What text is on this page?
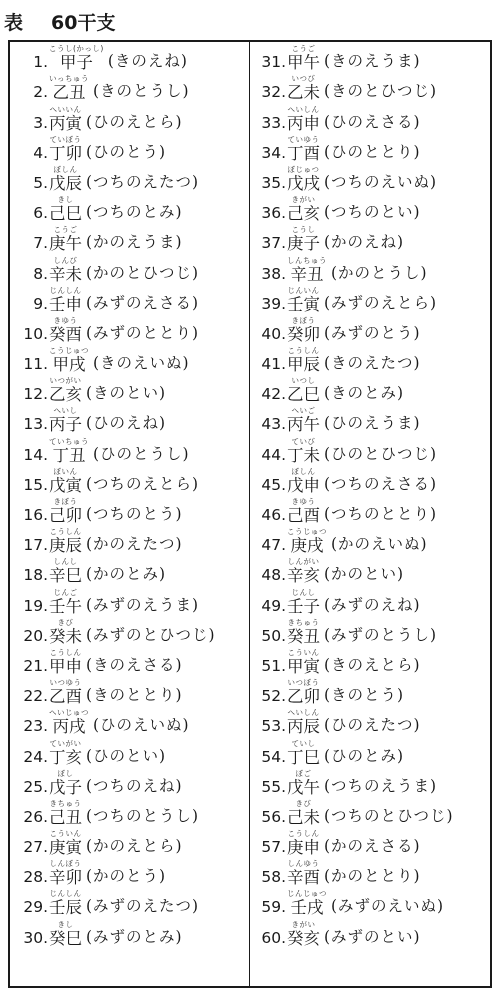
表 60干支
1.
こうし(かっし)
甲子 (きのえね)
2.
いっちゅう
乙丑 (きのとうし)
3.
へいいん
丙寅 (ひのえとら)
4.
ていぼう
丁卯 (ひのとう)
5.
ぼしん
戊辰 (つちのえたつ)
6.
きし
己巳 (つちのとみ)
7.
こうご
庚午 (かのえうま)
8.
しんび
辛未 (かのとひつじ)
9.
じんしん
壬申 (みずのえさる)
10.
きゆう
癸酉 (みずのととり)
11.
こうじゅつ
甲戌 (きのえいぬ)
12.
いつがい
乙亥 (きのとい)
13.
へいし
丙子 (ひのえね)
14.
ていちゅう
丁丑 (ひのとうし)
15.
ぼいん
戊寅 (つちのえとら)
16.
きぼう
己卯 (つちのとう)
17.
こうしん
庚辰 (かのえたつ)
18.
しんし
辛巳 (かのとみ)
19.
じんご
壬午 (みずのえうま)
20.
きび
癸未 (みずのとひつじ)
21.
こうしん
甲申 (きのえさる)
22.
いつゆう
乙酉 (きのととり)
23.
へいじゅつ
丙戌 (ひのえいぬ)
24.
ていがい
丁亥 (ひのとい)
25.
ぼし
戊子 (つちのえね)
26.
きちゅう
己丑 (つちのとうし)
27.
こういん
庚寅 (かのえとら)
28.
しんぼう
辛卯 (かのとう)
29.
じんしん
壬辰 (みずのえたつ)
30.
きし
癸巳 (みずのとみ)
31.
こうご
甲午 (きのえうま)
32.
いつび
乙未 (きのとひつじ)
33.
へいしん
丙申 (ひのえさる)
34.
ていゆう
丁酉 (ひのととり)
35.
ぼじゅつ
戊戌 (つちのえいぬ)
36.
きがい
己亥 (つちのとい)
37.
こうし
庚子 (かのえね)
38.
しんちゅう
辛丑 (かのとうし)
39.
じんいん
壬寅 (みずのえとら)
40.
きぼう
癸卯 (みずのとう)
41.
こうしん
甲辰 (きのえたつ)
42.
いつし
乙巳 (きのとみ)
43.
へいご
丙午 (ひのえうま)
44.
ていび
丁未 (ひのとひつじ)
45.
ぼしん
戊申 (つちのえさる)
46.
きゆう
己酉 (つちのととり)
47.
こうじゅつ
庚戌 (かのえいぬ)
48.
しんがい
辛亥 (かのとい)
49.
じんし
壬子 (みずのえね)
50.
きちゅう
癸丑 (みずのとうし)
51.
こういん
甲寅 (きのえとら)
52.
いつぼう
乙卯 (きのとう)
53.
へいしん
丙辰 (ひのえたつ)
54.
ていし
丁巳 (ひのとみ)
55.
ぼご
戊午 (つちのえうま)
56.
きび
己未 (つちのとひつじ)
57.
こうしん
庚申 (かのえさる)
58.
しんゆう
辛酉 (かのととり)
59.
じんじゅつ
壬戌 (みずのえいぬ)
60.
きがい
癸亥 (みずのとい)
